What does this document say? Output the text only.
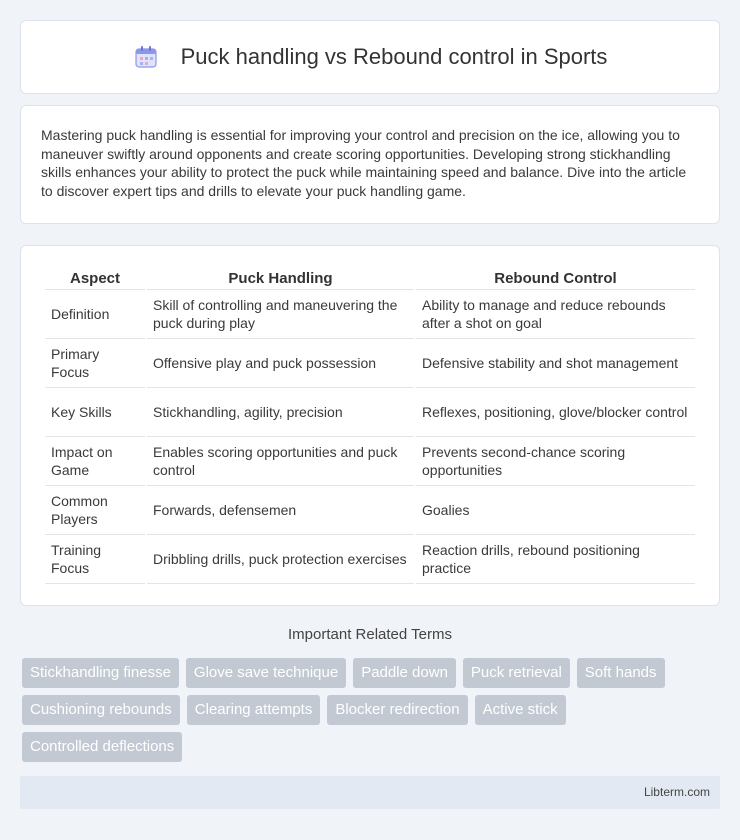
Puck handling vs Rebound control in Sports

Mastering puck handling is essential for improving your control and precision on the ice, allowing you to maneuver swiftly around opponents and create scoring opportunities. Developing strong stickhandling skills enhances your ability to protect the puck while maintaining speed and balance. Dive into the article to discover expert tips and drills to elevate your puck handling game.

Aspect	Puck Handling	Rebound Control
Definition	Skill of controlling and maneuvering the puck during play	Ability to manage and reduce rebounds after a shot on goal
Primary Focus	Offensive play and puck possession	Defensive stability and shot management
Key Skills	Stickhandling, agility, precision	Reflexes, positioning, glove/blocker control
Impact on Game	Enables scoring opportunities and puck control	Prevents second-chance scoring opportunities
Common Players	Forwards, defensemen	Goalies
Training Focus	Dribbling drills, puck protection exercises	Reaction drills, rebound positioning practice
Important Related Terms
Stickhandling finesse	Glove save technique	Paddle down	Puck retrieval	Soft hands
Cushioning rebounds	Clearing attempts	Blocker redirection	Active stick
Controlled deflections
Libterm.com
